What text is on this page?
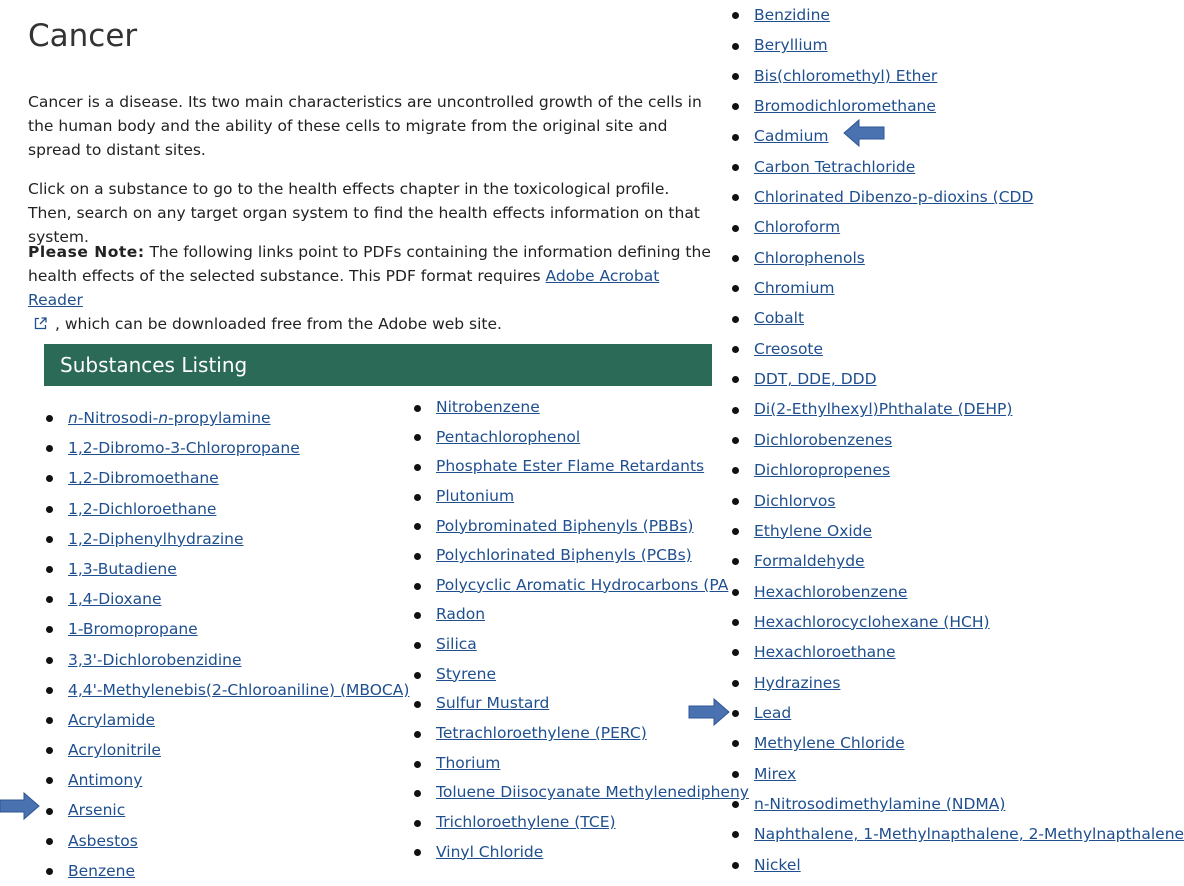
Cancer

Cancer is a disease. Its two main characteristics are uncontrolled growth of the cells in the human body and the ability of these cells to migrate from the original site and spread to distant sites.

Click on a substance to go to the health effects chapter in the toxicological profile. Then, search on any target organ system to find the health effects information on that system.

Please Note: The following links point to PDFs containing the information defining the health effects of the selected substance. This PDF format requires Adobe Acrobat Reader
, which can be downloaded free from the Adobe web site.

Substances Listing
n-Nitrosodi-n-propylamine
1,2-Dibromo-3-Chloropropane
1,2-Dibromoethane
1,2-Dichloroethane
1,2-Diphenylhydrazine
1,3-Butadiene
1,4-Dioxane
1-Bromopropane
3,3'-Dichlorobenzidine
4,4'-Methylenebis(2-Chloroaniline) (MBOCA)
Acrylamide
Acrylonitrile
Antimony
Arsenic
Asbestos
Benzene
Nitrobenzene
Pentachlorophenol
Phosphate Ester Flame Retardants
Plutonium
Polybrominated Biphenyls (PBBs)
Polychlorinated Biphenyls (PCBs)
Polycyclic Aromatic Hydrocarbons (PA
Radon
Silica
Styrene
Sulfur Mustard
Tetrachloroethylene (PERC)
Thorium
Toluene Diisocyanate Methylenedipheny
Trichloroethylene (TCE)
Vinyl Chloride
Benzidine
Beryllium
Bis(chloromethyl) Ether
Bromodichloromethane
Cadmium
Carbon Tetrachloride
Chlorinated Dibenzo-p-dioxins (CDD
Chloroform
Chlorophenols
Chromium
Cobalt
Creosote
DDT, DDE, DDD
Di(2-Ethylhexyl)Phthalate (DEHP)
Dichlorobenzenes
Dichloropropenes
Dichlorvos
Ethylene Oxide
Formaldehyde
Hexachlorobenzene
Hexachlorocyclohexane (HCH)
Hexachloroethane
Hydrazines
Lead
Methylene Chloride
Mirex
n-Nitrosodimethylamine (NDMA)
Naphthalene, 1-Methylnapthalene, 2-Methylnapthalene
Nickel
